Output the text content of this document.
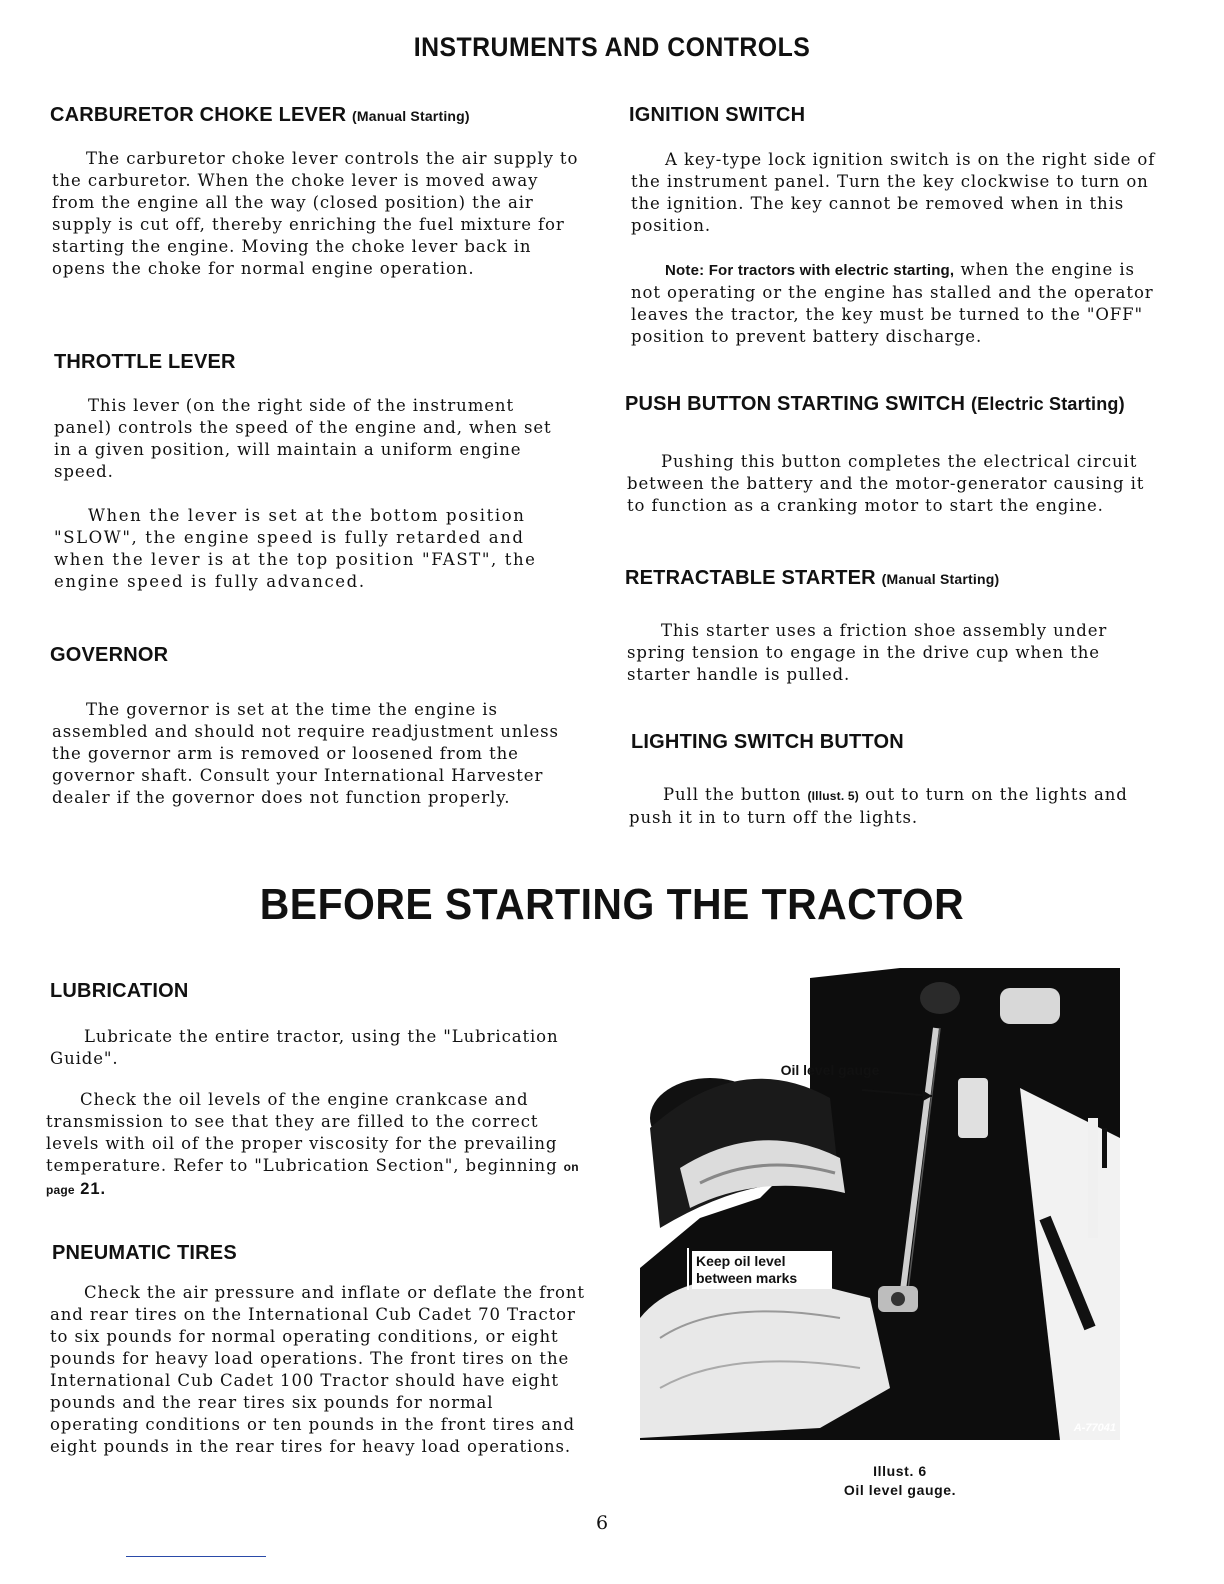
INSTRUMENTS AND CONTROLS
CARBURETOR CHOKE LEVER (Manual Starting)

The carburetor choke lever controls the air supply to the carburetor. When the choke lever is moved away from the engine all the way (closed position) the air supply is cut off, thereby enriching the fuel mixture for starting the engine. Moving the choke lever back in opens the choke for normal engine operation.

THROTTLE LEVER

This lever (on the right side of the instrument panel) controls the speed of the engine and, when set in a given position, will maintain a uniform engine speed.

When the lever is set at the bottom position "SLOW", the engine speed is fully retarded and when the lever is at the top position "FAST", the engine speed is fully advanced.

GOVERNOR

The governor is set at the time the engine is assembled and should not require readjustment unless the governor arm is removed or loosened from the governor shaft. Consult your International Harvester dealer if the governor does not function properly.

IGNITION SWITCH

A key-type lock ignition switch is on the right side of the instrument panel. Turn the key clockwise to turn on the ignition. The key cannot be removed when in this position.

Note: For tractors with electric starting, when the engine is not operating or the engine has stalled and the operator leaves the tractor, the key must be turned to the "OFF" position to prevent battery discharge.

PUSH BUTTON STARTING SWITCH (Electric Starting)

Pushing this button completes the electrical circuit between the battery and the motor-generator causing it to function as a cranking motor to start the engine.

RETRACTABLE STARTER (Manual Starting)

This starter uses a friction shoe assembly under spring tension to engage in the drive cup when the starter handle is pulled.

LIGHTING SWITCH BUTTON

Pull the button (Illust. 5) out to turn on the lights and push it in to turn off the lights.

BEFORE STARTING THE TRACTOR
LUBRICATION

Lubricate the entire tractor, using the "Lubrication Guide".

Check the oil levels of the engine crankcase and transmission to see that they are filled to the correct levels with oil of the proper viscosity for the prevailing temperature. Refer to "Lubrication Section", beginning on page 21.

PNEUMATIC TIRES

Check the air pressure and inflate or deflate the front and rear tires on the International Cub Cadet 70 Tractor to six pounds for normal operating conditions, or eight pounds for heavy load operations. The front tires on the International Cub Cadet 100 Tractor should have eight pounds and the rear tires six pounds for normal operating conditions or ten pounds in the front tires and eight pounds in the rear tires for heavy load operations.

Oil level gauge
Keep oil level between marks
A-77041
Illust. 6
Oil level gauge.
6
